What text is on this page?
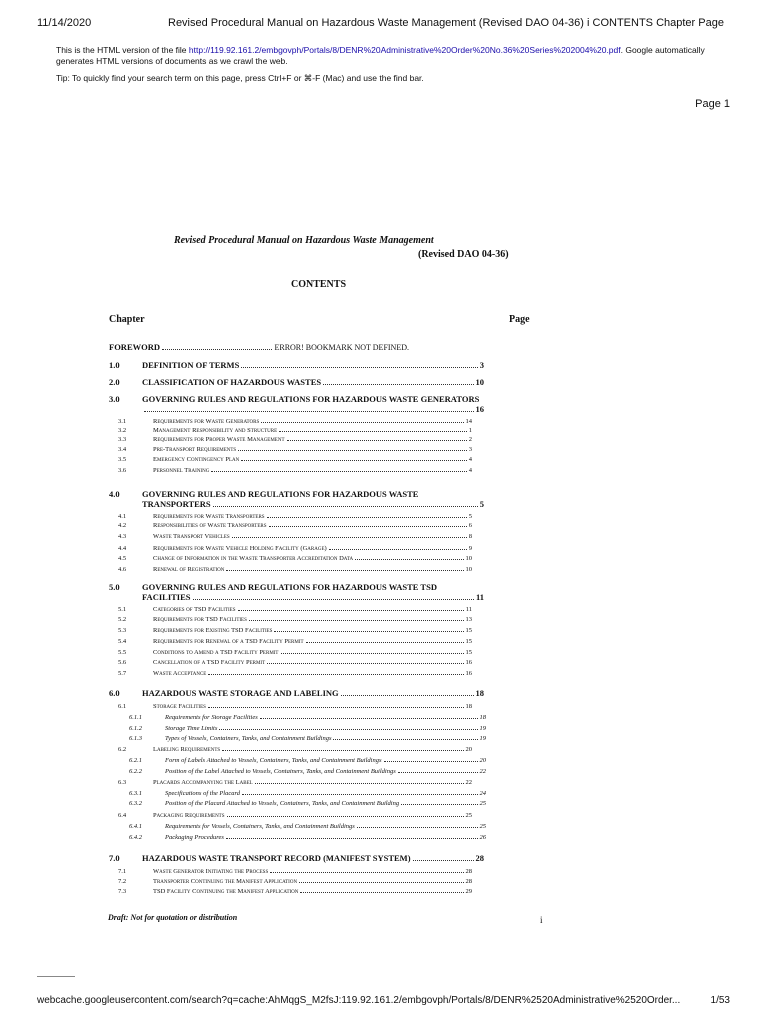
11/14/2020	Revised Procedural Manual on Hazardous Waste Management (Revised DAO 04-36) i CONTENTS Chapter Page
This is the HTML version of the file http://119.92.161.2/embgovph/Portals/8/DENR%20Administrative%20Order%20No.36%20Series%202004%20.pdf. Google automatically generates HTML versions of documents as we crawl the web.
Tip: To quickly find your search term on this page, press Ctrl+F or ⌘-F (Mac) and use the find bar.
Page 1
Revised Procedural Manual on Hazardous Waste Management
(Revised DAO 04-36)
CONTENTS
Chapter	Page
FOREWORD	ERROR! BOOKMARK NOT DEFINED.
1.0	DEFINITION OF TERMS	3
2.0	CLASSIFICATION OF HAZARDOUS WASTES	10
3.0	GOVERNING RULES AND REGULATIONS FOR HAZARDOUS WASTE GENERATORS
16
3.1	Requirements for Waste Generators	14
3.2	Management Responsibility and Structure	1
3.3	Requirements for Proper Waste Management	2
3.4	Pre-Transport Requirements	3
3.5	Emergency Contingency Plan	4
3.6	Personnel Training	4
4.0	GOVERNING RULES AND REGULATIONS FOR HAZARDOUS WASTE
TRANSPORTERS	5
4.1	Requirements for Waste Transporters	5
4.2	Responsibilities of Waste Transporters	6
4.3	Waste Transport Vehicles	8
4.4	Requirements for Waste Vehicle Holding Facility (Garage)	9
4.5	Change of Information in the Waste Transporter Accreditation Data	10
4.6	Renewal of Registration	10
5.0	GOVERNING RULES AND REGULATIONS FOR HAZARDOUS WASTE TSD
FACILITIES	11
5.1	Categories of TSD Facilities	11
5.2	Requirements for TSD Facilities	13
5.3	Requirements for Existing TSD Facilities	15
5.4	Requirements for Renewal of a TSD Facility Permit	15
5.5	Conditions to Amend a TSD Facility Permit	15
5.6	Cancellation of a TSD Facility Permit	16
5.7	Waste Acceptance	16
6.0	HAZARDOUS WASTE STORAGE AND LABELING	18
6.1	Storage Facilities	18
6.1.1	Requirements for Storage Facilities	18
6.1.2	Storage Time Limits	19
6.1.3	Types of Vessels, Containers, Tanks, and Containment Buildings	19
6.2	Labeling Requirements	20
6.2.1	Form of Labels Attached to Vessels, Containers, Tanks, and Containment Buildings	20
6.2.2	Position of the Label Attached to Vessels, Containers, Tanks, and Containment Buildings	22
6.3	Placards Accompanying the Label	22
6.3.1	Specifications of the Placard	24
6.3.2	Position of the Placard Attached to Vessels, Containers, Tanks, and Containment Building	25
6.4	Packaging Requirements	25
6.4.1	Requirements for Vessels, Containers, Tanks, and Containment Buildings	25
6.4.2	Packaging Procedures	26
7.0	HAZARDOUS WASTE TRANSPORT RECORD (MANIFEST SYSTEM)	28
7.1	Waste Generator Initiating the Process	28
7.2	Transporter Continuing the Manifest Application	28
7.3	TSD Facility Continuing the Manifest Application	29
Draft: Not for quotation or distribution	i
webcache.googleusercontent.com/search?q=cache:AhMqgS_M2fsJ:119.92.161.2/embgovph/Portals/8/DENR%2520Administrative%2520Order...	1/53
